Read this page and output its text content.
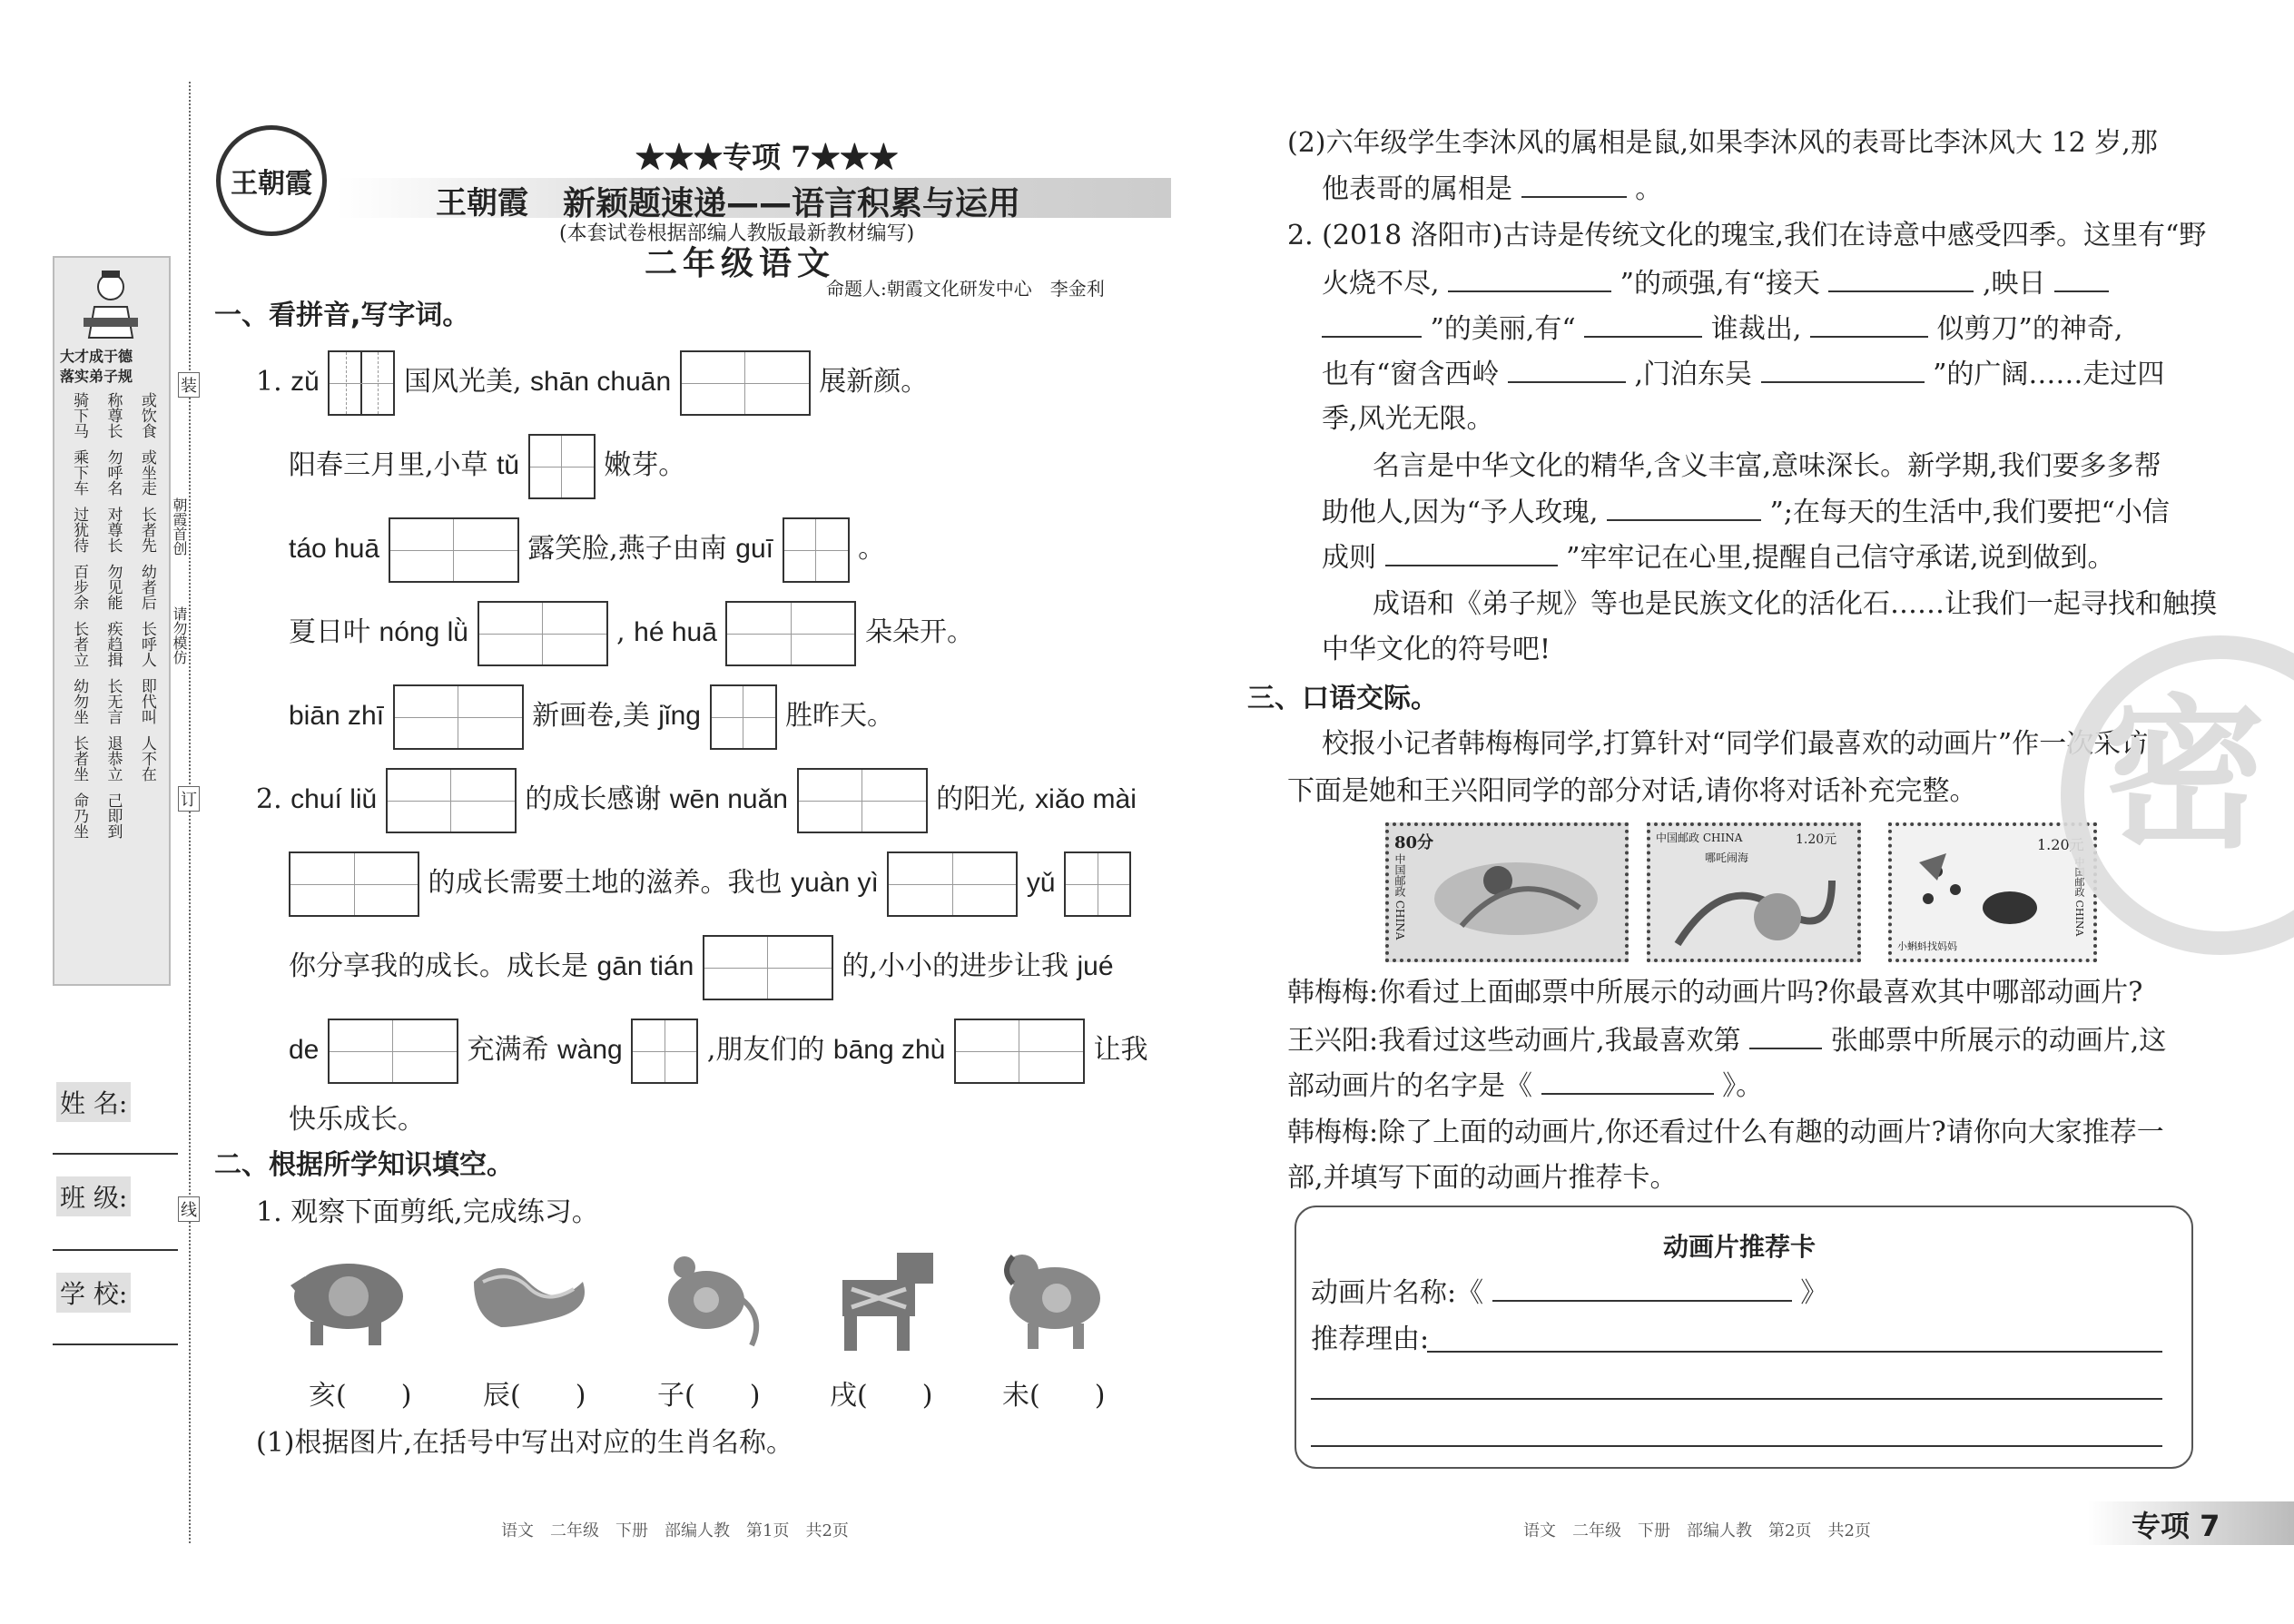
大才成于德
落实弟子规
骑下马 称尊长 或饮食
乘下车 勿呼名 或坐走
过犹待 对尊长 长者先
百步余 勿见能 幼者后
长者立 疾趋揖 长呼人
幼勿坐 长无言 即代叫
长者坐 退恭立 人不在
命乃坐 己即到
朝霞首创
请勿模仿
装
订
线
姓 名:
班 级:
学 校:
王朝霞
★★★专项 7★★★
王朝霞 新颖题速递——语言积累与运用
(本套试卷根据部编人教版最新教材编写)
二年级语文
命题人:朝霞文化研发中心　李金利
一、看拼音,写字词。
1. zǔ	国风光美, shān chuān	展新颜。
阳春三月里,小草 tǔ	嫩芽。
táo huā	露笑脸,燕子由南 guī	。
夏日叶 nóng lǜ	, hé huā	朵朵开。
biān zhī	新画卷,美 jǐng	胜昨天。
2. chuí liǔ	的成长感谢 wēn nuǎn	的阳光, xiǎo mài
的成长需要土地的滋养。我也 yuàn yì	yǔ
你分享我的成长。成长是 gān tián	的,小小的进步让我 jué
de	充满希 wàng	,朋友们的 bāng zhù	让我
快乐成长。
二、根据所学知识填空。
1. 观察下面剪纸,完成练习。
亥(　　)	辰(　　)	子(　　)	戌(　　)	未(　　)
(1)根据图片,在括号中写出对应的生肖名称。
语文　二年级　下册　部编人教　第1页　共2页
(2)六年级学生李沐风的属相是鼠,如果李沐风的表哥比李沐风大 12 岁,那
他表哥的属相是	。
2. (2018 洛阳市)古诗是传统文化的瑰宝,我们在诗意中感受四季。这里有“野
火烧不尽,	”的顽强,有“接天	,映日
”的美丽,有“	谁裁出,	似剪刀”的神奇,
也有“窗含西岭	,门泊东吴	”的广阔……走过四
季,风光无限。
名言是中华文化的精华,含义丰富,意味深长。新学期,我们要多多帮
助他人,因为“予人玫瑰,	”;在每天的生活中,我们要把“小信
成则	”牢牢记在心里,提醒自己信守承诺,说到做到。
成语和《弟子规》等也是民族文化的活化石……让我们一起寻找和触摸
中华文化的符号吧!
三、口语交际。
校报小记者韩梅梅同学,打算针对“同学们最喜欢的动画片”作一次采访,
下面是她和王兴阳同学的部分对话,请你将对话补充完整。
80分
中国邮政 CHINA
中国邮政 CHINA
哪吒闹海
1.20元	1.20元
中国邮政 CHINA
小蝌蚪找妈妈
韩梅梅:你看过上面邮票中所展示的动画片吗?你最喜欢其中哪部动画片?
王兴阳:我看过这些动画片,我最喜欢第	张邮票中所展示的动画片,这
部动画片的名字是《	》。
韩梅梅:除了上面的动画片,你还看过什么有趣的动画片?请你向大家推荐一
部,并填写下面的动画片推荐卡。
动画片推荐卡
动画片名称:《	》
推荐理由:
语文　二年级　下册　部编人教　第2页　共2页	专项 7
密
